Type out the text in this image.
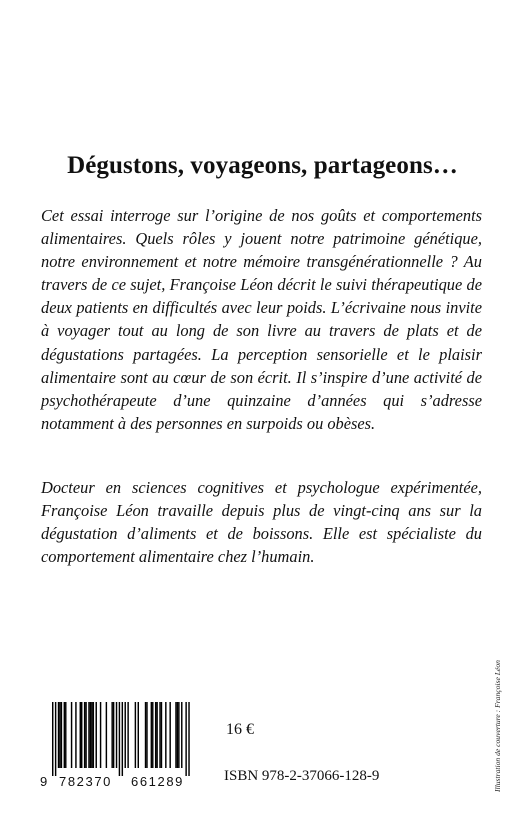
Dégustons, voyageons, partageons…

Cet essai interroge sur l’origine de nos goûts et comportements alimentaires. Quels rôles y jouent notre patrimoine génétique, notre environnement et notre mémoire transgénérationnelle ? Au travers de ce sujet, Françoise Léon décrit le suivi thérapeutique de deux patients en difficultés avec leur poids. L’écrivaine nous invite à voyager tout au long de son livre au travers de plats et de dégustations partagées. La perception sensorielle et le plaisir alimentaire sont au cœur de son écrit. Il s’inspire d’une activité de psychothérapeute d’une quinzaine d’années qui s’adresse notamment à des personnes en surpoids ou obèses.

Docteur en sciences cognitives et psychologue expérimentée, Françoise Léon travaille depuis plus de vingt-cinq ans sur la dégustation d’aliments et de boissons. Elle est spécialiste du comportement alimentaire chez l’humain.

Illustration de couverture : Françoise Léon
9 782370 661289
16 €
ISBN 978-2-37066-128-9
